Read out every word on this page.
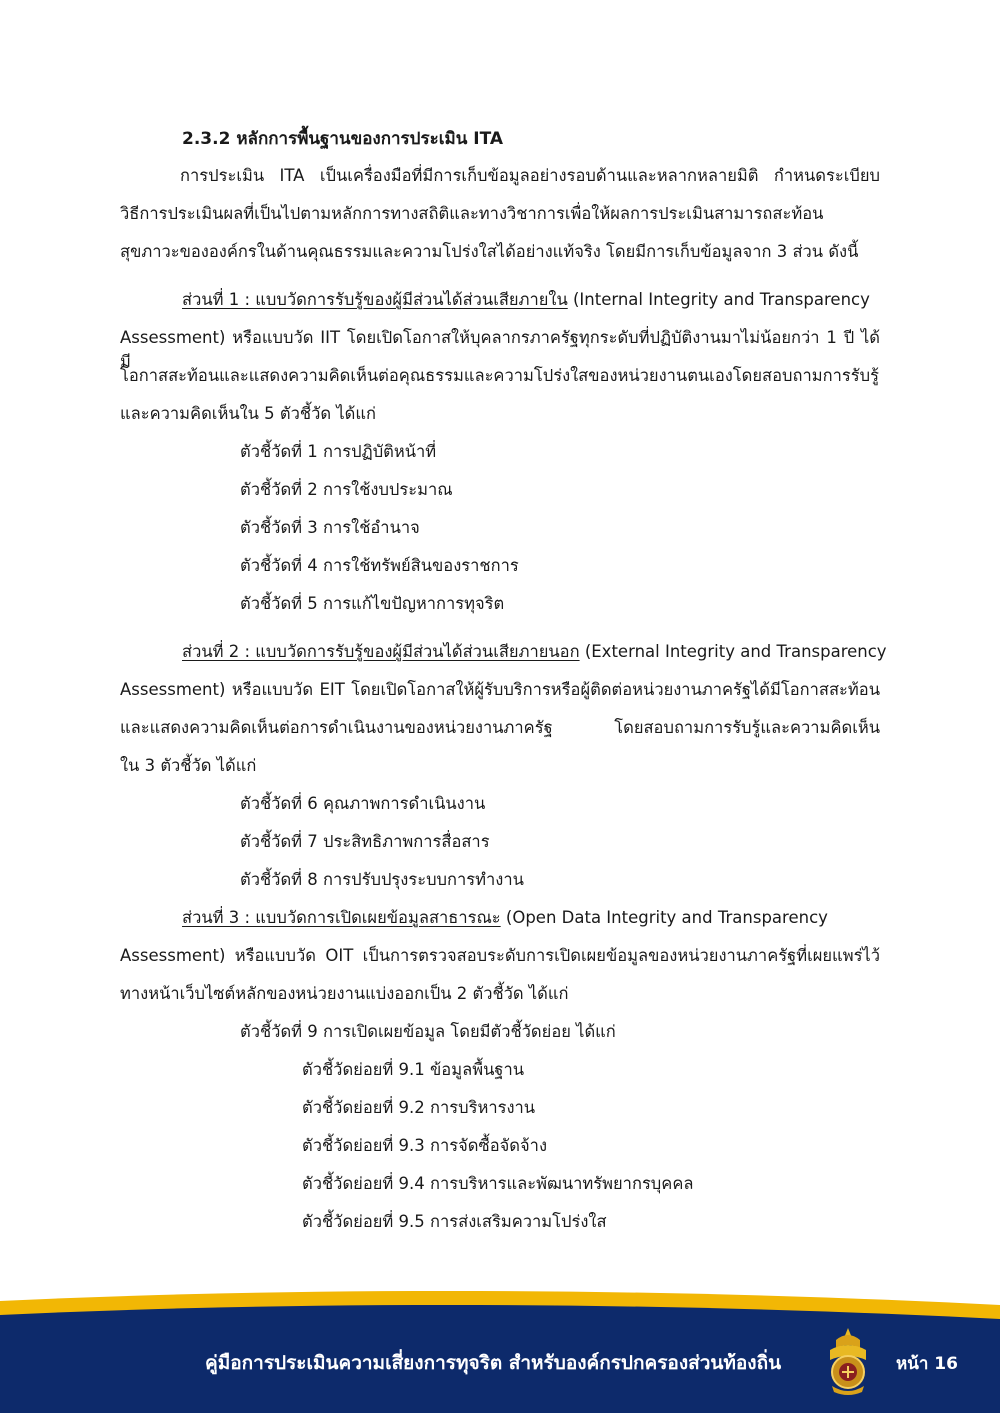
2.3.2 หลักการพื้นฐานของการประเมิน ITA
การประเมิน ITA เป็นเครื่องมือที่มีการเก็บข้อมูลอย่างรอบด้านและหลากหลายมิติ กำหนดระเบียบ
วิธีการประเมินผลที่เป็นไปตามหลักการทางสถิติและทางวิชาการเพื่อให้ผลการประเมินสามารถสะท้อน
สุขภาวะขององค์กรในด้านคุณธรรมและความโปร่งใสได้อย่างแท้จริง โดยมีการเก็บข้อมูลจาก 3 ส่วน ดังนี้
ส่วนที่ 1 : แบบวัดการรับรู้ของผู้มีส่วนได้ส่วนเสียภายใน (Internal Integrity and Transparency
Assessment) หรือแบบวัด IIT โดยเปิดโอกาสให้บุคลากรภาครัฐทุกระดับที่ปฏิบัติงานมาไม่น้อยกว่า 1 ปี ได้มี
โอกาสสะท้อนและแสดงความคิดเห็นต่อคุณธรรมและความโปร่งใสของหน่วยงานตนเองโดยสอบถามการรับรู้
และความคิดเห็นใน 5 ตัวชี้วัด ได้แก่
ตัวชี้วัดที่ 1 การปฏิบัติหน้าที่
ตัวชี้วัดที่ 2 การใช้งบประมาณ
ตัวชี้วัดที่ 3 การใช้อำนาจ
ตัวชี้วัดที่ 4 การใช้ทรัพย์สินของราชการ
ตัวชี้วัดที่ 5 การแก้ไขปัญหาการทุจริต
ส่วนที่ 2 : แบบวัดการรับรู้ของผู้มีส่วนได้ส่วนเสียภายนอก (External Integrity and Transparency
Assessment) หรือแบบวัด EIT โดยเปิดโอกาสให้ผู้รับบริการหรือผู้ติดต่อหน่วยงานภาครัฐได้มีโอกาสสะท้อน
และแสดงความคิดเห็นต่อการดำเนินงานของหน่วยงานภาครัฐ โดยสอบถามการรับรู้และความคิดเห็น
ใน 3 ตัวชี้วัด ได้แก่
ตัวชี้วัดที่ 6 คุณภาพการดำเนินงาน
ตัวชี้วัดที่ 7 ประสิทธิภาพการสื่อสาร
ตัวชี้วัดที่ 8 การปรับปรุงระบบการทำงาน
ส่วนที่ 3 : แบบวัดการเปิดเผยข้อมูลสาธารณะ (Open Data Integrity and Transparency
Assessment) หรือแบบวัด OIT เป็นการตรวจสอบระดับการเปิดเผยข้อมูลของหน่วยงานภาครัฐที่เผยแพร่ไว้
ทางหน้าเว็บไซต์หลักของหน่วยงานแบ่งออกเป็น 2 ตัวชี้วัด ได้แก่
ตัวชี้วัดที่ 9 การเปิดเผยข้อมูล โดยมีตัวชี้วัดย่อย ได้แก่
ตัวชี้วัดย่อยที่ 9.1 ข้อมูลพื้นฐาน
ตัวชี้วัดย่อยที่ 9.2 การบริหารงาน
ตัวชี้วัดย่อยที่ 9.3 การจัดซื้อจัดจ้าง
ตัวชี้วัดย่อยที่ 9.4 การบริหารและพัฒนาทรัพยากรบุคคล
ตัวชี้วัดย่อยที่ 9.5 การส่งเสริมความโปร่งใส
คู่มือการประเมินความเสี่ยงการทุจริต สำหรับองค์กรปกครองส่วนท้องถิ่น	หน้า 16
